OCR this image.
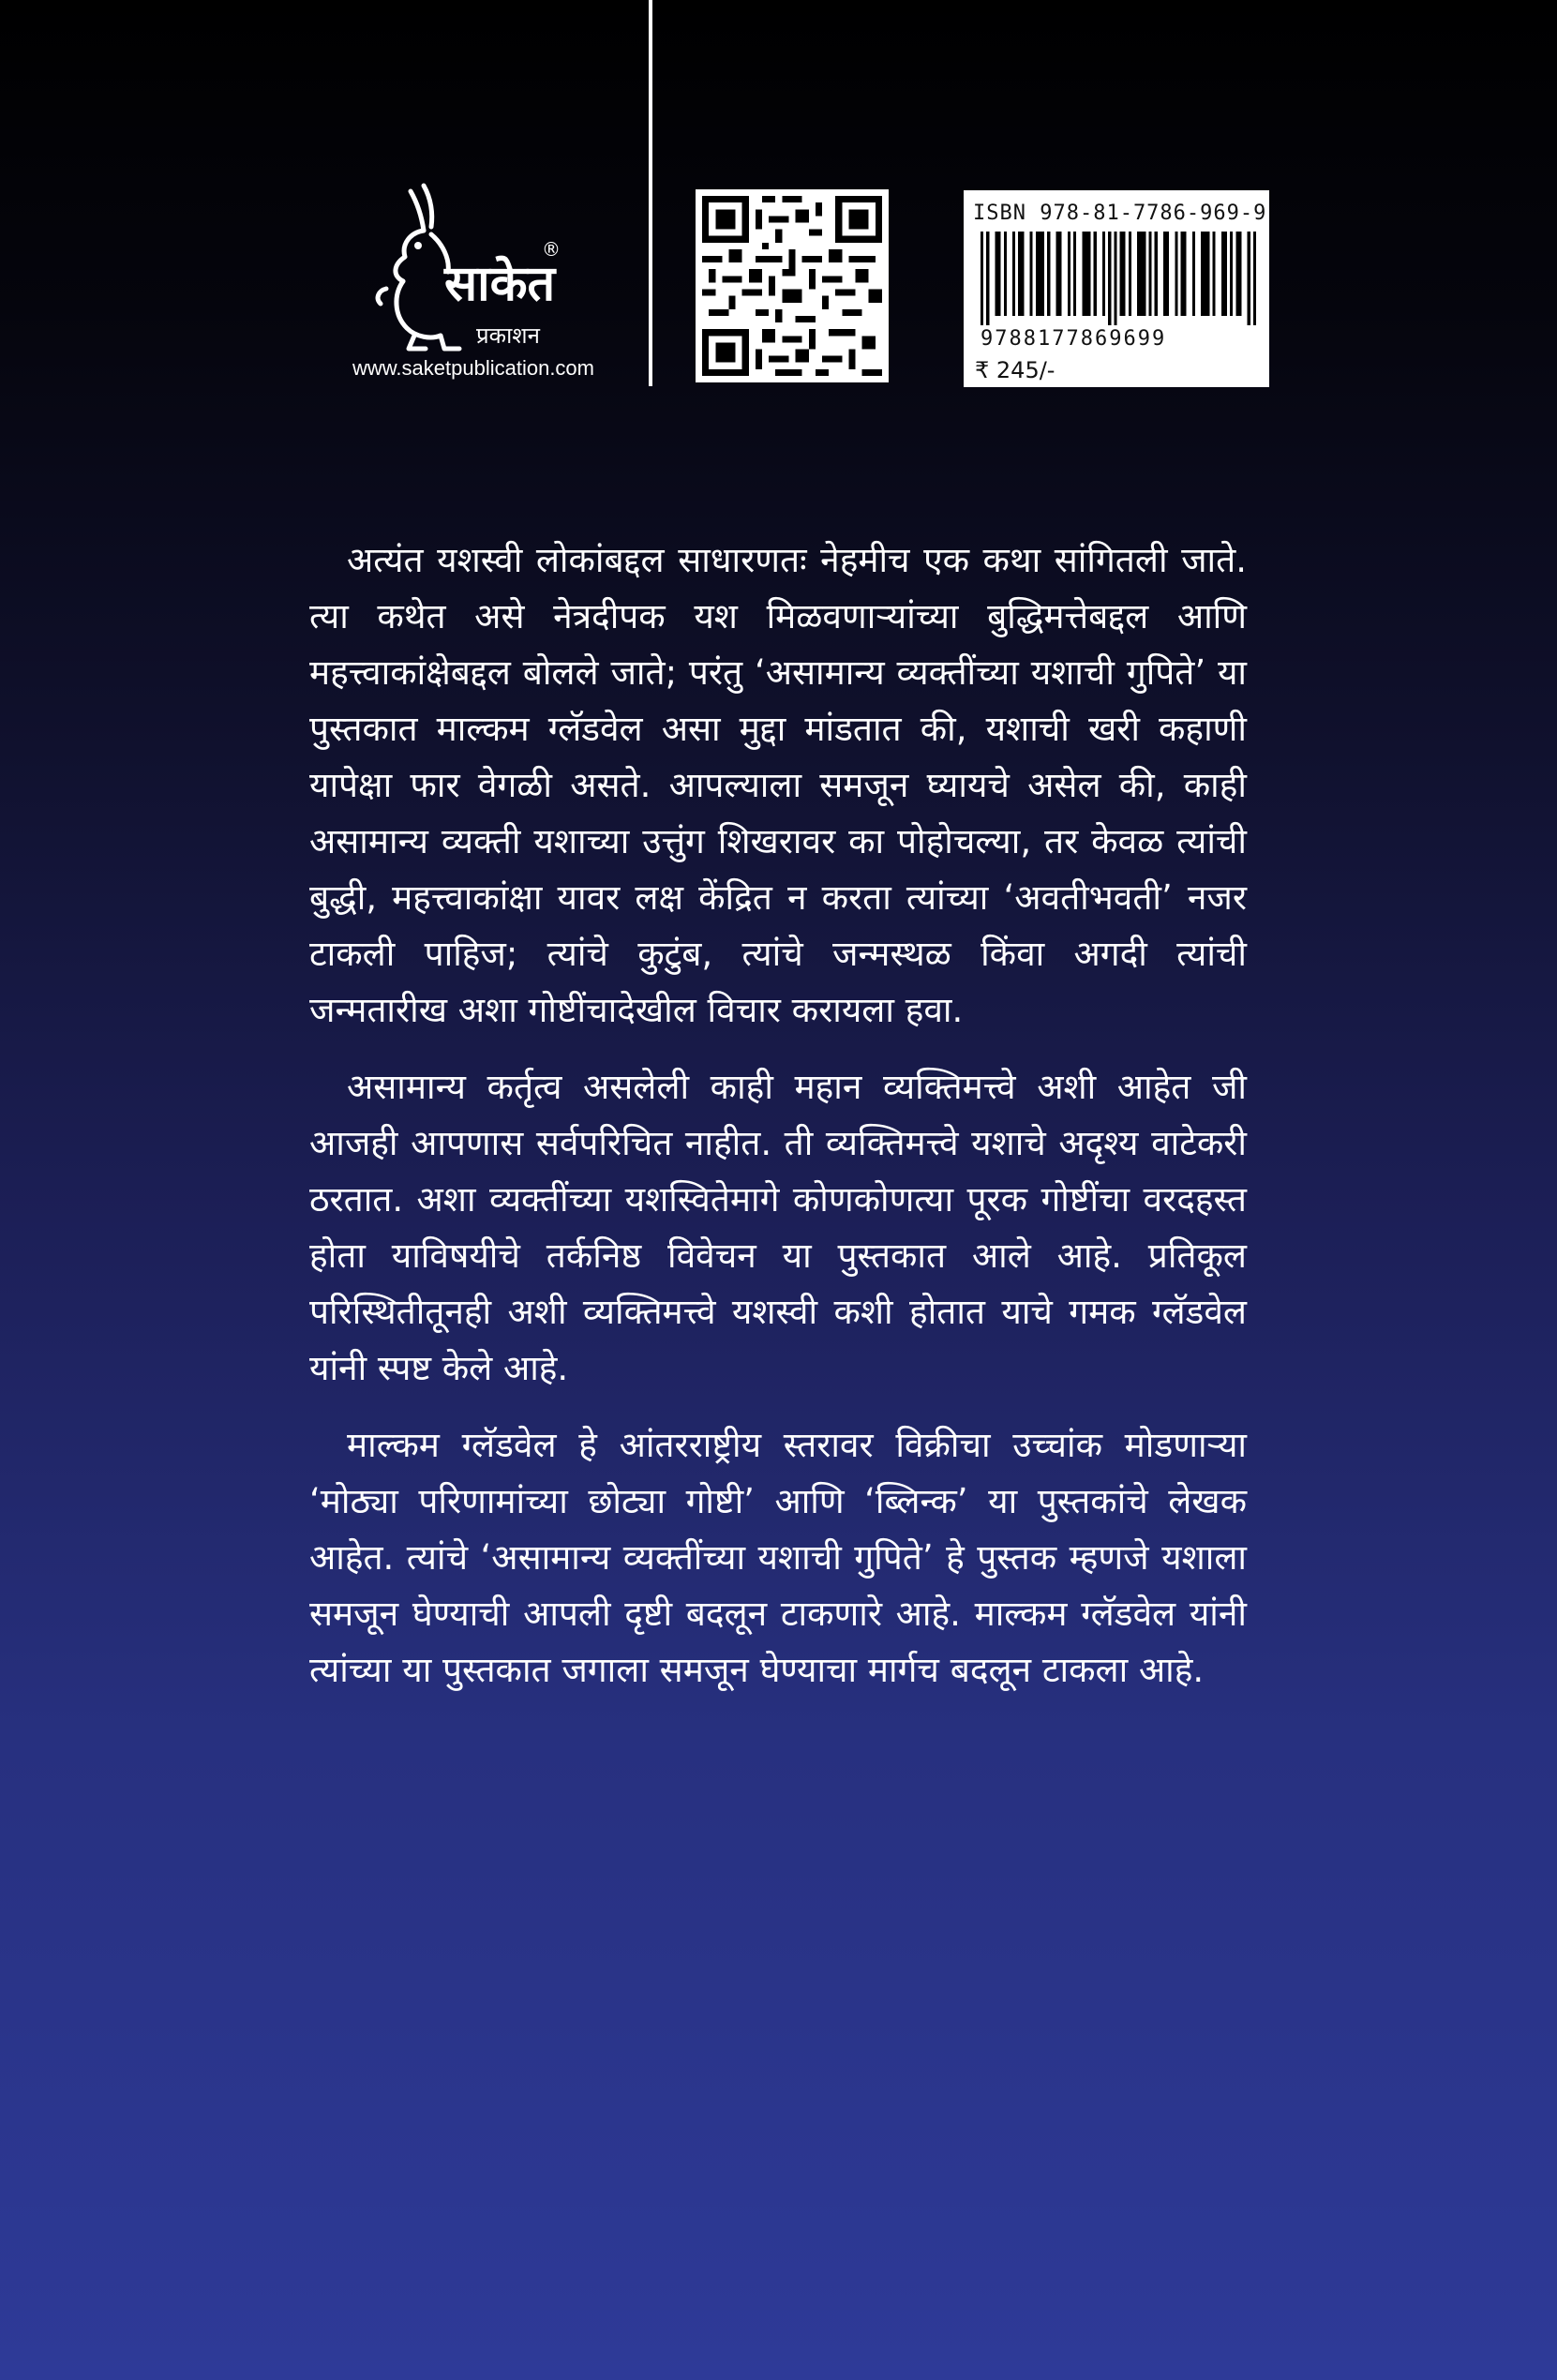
साकेत
प्रकाशन
®
www.saketpublication.com
ISBN 978-81-7786-969-9
9788177869699
₹ 245/-

अत्यंत यशस्वी लोकांबद्दल साधारणतः नेहमीच एक कथा सांगितली जाते. त्या कथेत असे नेत्रदीपक यश मिळवणाऱ्यांच्या बुद्धिमत्तेबद्दल आणि महत्त्वाकांक्षेबद्दल बोलले जाते; परंतु ‘असामान्य व्यक्तींच्या यशाची गुपिते’ या पुस्तकात माल्कम ग्लॅडवेल असा मुद्दा मांडतात की, यशाची खरी कहाणी यापेक्षा फार वेगळी असते. आपल्याला समजून घ्यायचे असेल की, काही असामान्य व्यक्ती यशाच्या उत्तुंग शिखरावर का पोहोचल्या, तर केवळ त्यांची बुद्धी, महत्त्वाकांक्षा यावर लक्ष केंद्रित न करता त्यांच्या ‘अवतीभवती’ नजर टाकली पाहिज; त्यांचे कुटुंब, त्यांचे जन्मस्थळ किंवा अगदी त्यांची जन्मतारीख अशा गोष्टींचादेखील विचार करायला हवा.

असामान्य कर्तृत्व असलेली काही महान व्यक्तिमत्त्वे अशी आहेत जी आजही आपणास सर्वपरिचित नाहीत. ती व्यक्तिमत्त्वे यशाचे अदृश्य वाटेकरी ठरतात. अशा व्यक्तींच्या यशस्वितेमागे कोणकोणत्या पूरक गोष्टींचा वरदहस्त होता याविषयीचे तर्कनिष्ठ विवेचन या पुस्तकात आले आहे. प्रतिकूल परिस्थितीतूनही अशी व्यक्तिमत्त्वे यशस्वी कशी होतात याचे गमक ग्लॅडवेल यांनी स्पष्ट केले आहे.

माल्कम ग्लॅडवेल हे आंतरराष्ट्रीय स्तरावर विक्रीचा उच्चांक मोडणाऱ्या ‘मोठ्या परिणामांच्या छोट्या गोष्टी’ आणि ‘ब्लिन्क’ या पुस्तकांचे लेखक आहेत. त्यांचे ‘असामान्य व्यक्तींच्या यशाची गुपिते’ हे पुस्तक म्हणजे यशाला समजून घेण्याची आपली दृष्टी बदलून टाकणारे आहे. माल्कम ग्लॅडवेल यांनी त्यांच्या या पुस्तकात जगाला समजून घेण्याचा मार्गच बदलून टाकला आहे.
